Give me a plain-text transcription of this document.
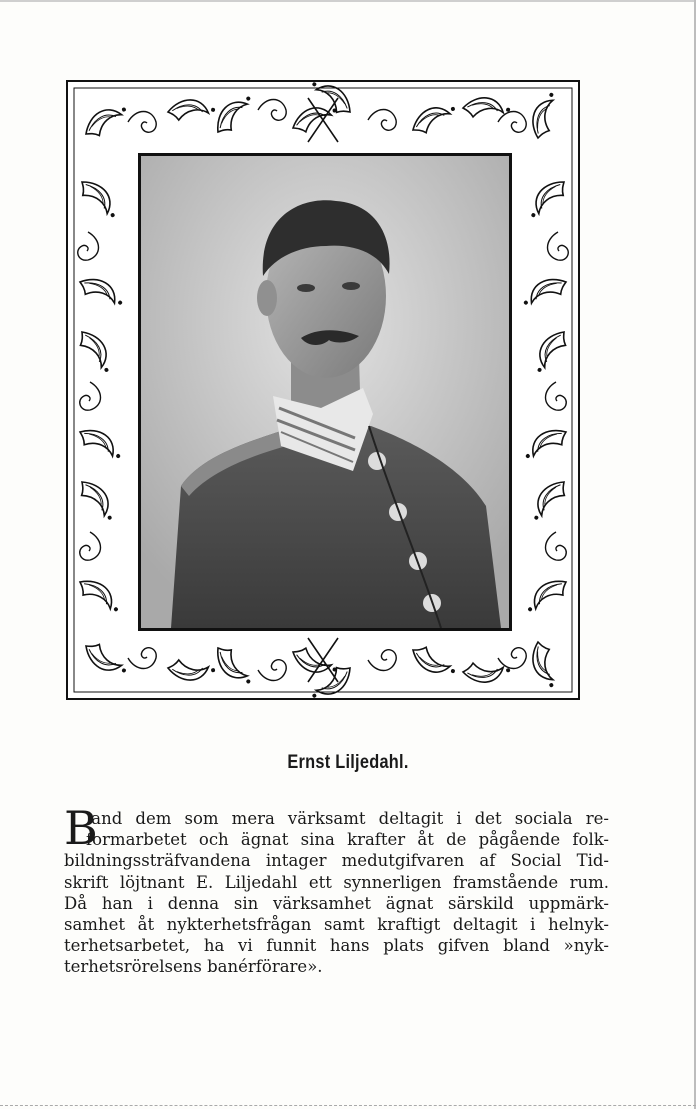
Ernst Liljedahl.
B
land dem som mera värksamt deltagit i det sociala re-
formarbetet och ägnat sina krafter åt de pågående folk-
bildningssträfvandena intager medutgifvaren af Social Tid-
skrift löjtnant E. Liljedahl ett synnerligen framstående rum.
Då han i denna sin värksamhet ägnat särskild uppmärk-
samhet åt nykterhetsfrågan samt kraftigt deltagit i helnyk-
terhetsarbetet, ha vi funnit hans plats gifven bland »nyk-
terhetsrörelsens banérförare».
